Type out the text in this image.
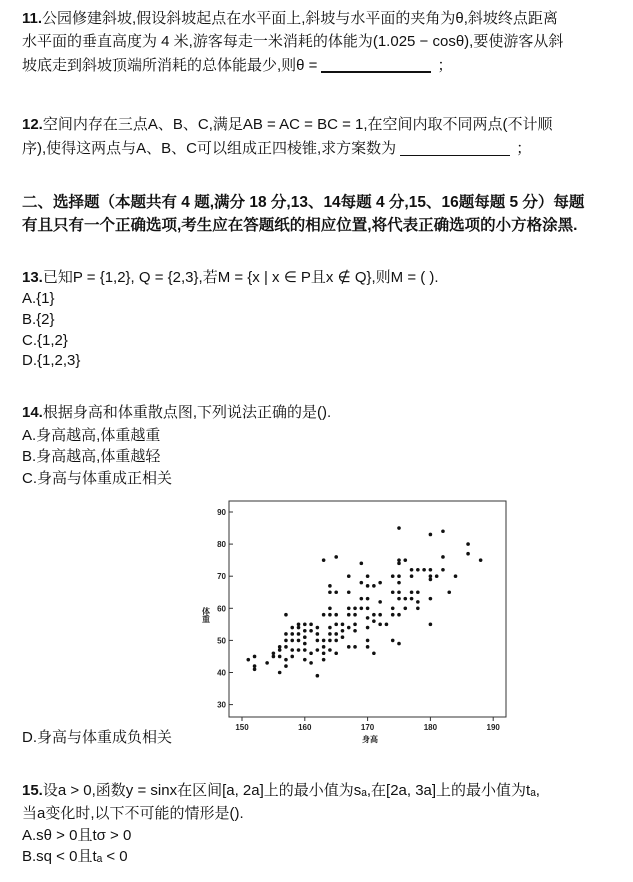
11.公园修建斜坡,假设斜坡起点在水平面上,斜坡与水平面的夹角为θ,斜坡终点距离
水平面的垂直高度为 4 米,游客每走一米消耗的体能为(1.025 − cosθ),要使游客从斜
坡底走到斜坡顶端所消耗的总体能最少,则θ =	；
12.空间内存在三点A、B、C,满足AB = AC = BC = 1,在空间内取不同两点(不计顺
序),使得这两点与A、B、C可以组成正四棱锥,求方案数为	；
二、选择题（本题共有 4 题,满分 18 分,13、14每题 4 分,15、16题每题 5 分）每题
有且只有一个正确选项,考生应在答题纸的相应位置,将代表正确选项的小方格涂黑.
13.已知P = {1,2}, Q = {2,3},若M = {x | x ∈ P且x ∉ Q},则M = ( ).
A.{1}
B.{2}
C.{1,2}
D.{1,2,3}
14.根据身高和体重散点图,下列说法正确的是().
A.身高越高,体重越重
B.身高越高,体重越轻
C.身高与体重成正相关
150	160	170	180	190
30
40
50
60
70
80
90
身高
体重
D.身高与体重成负相关
15.设a > 0,函数y = sinx在区间[a, 2a]上的最小值为sₐ,在[2a, 3a]上的最小值为tₐ,
当a变化时,以下不可能的情形是().
A.sθ > 0且tσ > 0
B.sq < 0且tₐ < 0
